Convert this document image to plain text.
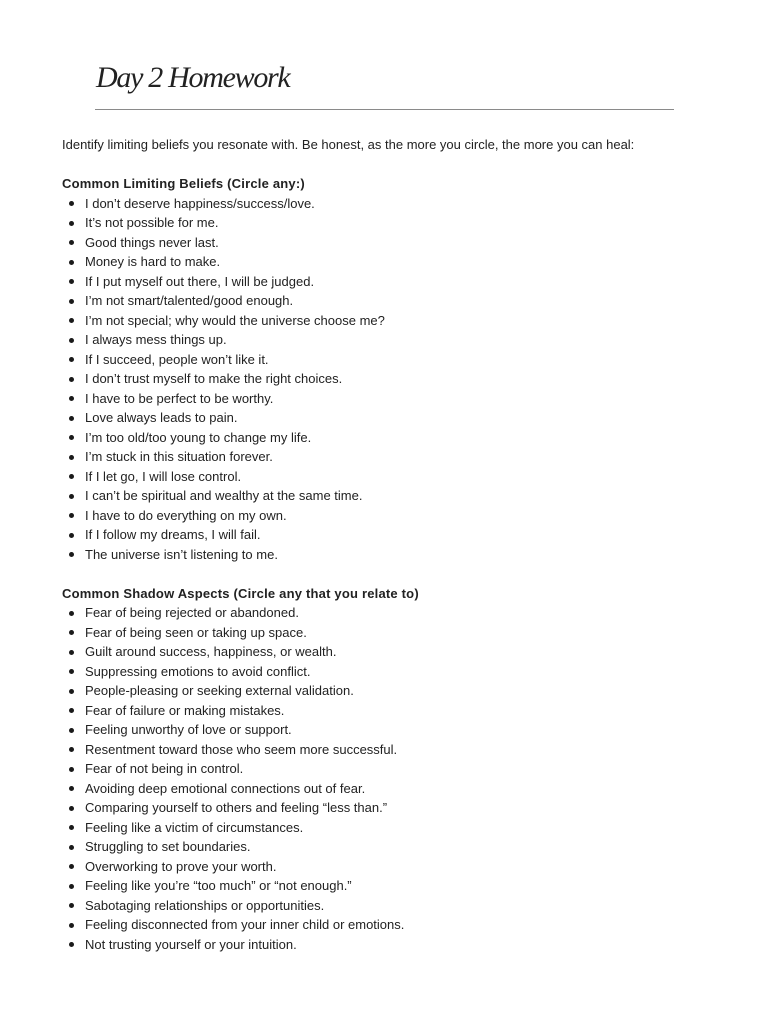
Day 2 Homework

Identify limiting beliefs you resonate with. Be honest, as the more you circle, the more you can heal:

Common Limiting Beliefs (Circle any:)

I don’t deserve happiness/success/love.
It’s not possible for me.
Good things never last.
Money is hard to make.
If I put myself out there, I will be judged.
I’m not smart/talented/good enough.
I’m not special; why would the universe choose me?
I always mess things up.
If I succeed, people won’t like it.
I don’t trust myself to make the right choices.
I have to be perfect to be worthy.
Love always leads to pain.
I’m too old/too young to change my life.
I’m stuck in this situation forever.
If I let go, I will lose control.
I can’t be spiritual and wealthy at the same time.
I have to do everything on my own.
If I follow my dreams, I will fail.
The universe isn’t listening to me.

Common Shadow Aspects (Circle any that you relate to)

Fear of being rejected or abandoned.
Fear of being seen or taking up space.
Guilt around success, happiness, or wealth.
Suppressing emotions to avoid conflict.
People-pleasing or seeking external validation.
Fear of failure or making mistakes.
Feeling unworthy of love or support.
Resentment toward those who seem more successful.
Fear of not being in control.
Avoiding deep emotional connections out of fear.
Comparing yourself to others and feeling “less than.”
Feeling like a victim of circumstances.
Struggling to set boundaries.
Overworking to prove your worth.
Feeling like you’re “too much” or “not enough.”
Sabotaging relationships or opportunities.
Feeling disconnected from your inner child or emotions.
Not trusting yourself or your intuition.
